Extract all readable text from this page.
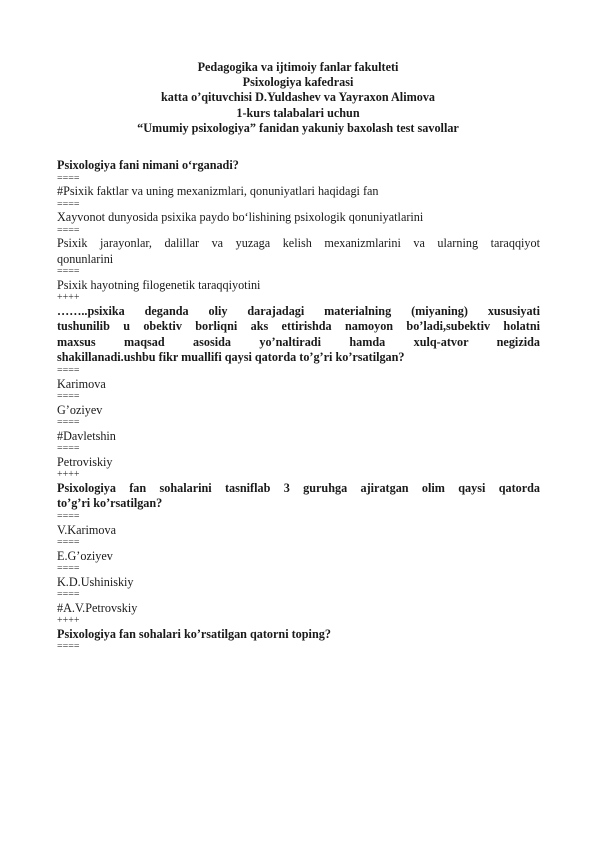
Pedagogika va ijtimoiy fanlar fakulteti
Psixologiya kafedrasi
katta o’qituvchisi D.Yuldashev va Yayraxon Alimova
1-kurs talabalari uchun
“Umumiy psixologiya” fanidan yakuniy baxolash test savollar
Psixologiya fani nimani o‘rganadi?
====
#Psixik faktlar va uning mexanizmlari, qonuniyatlari haqidagi fan
====
Xayvonot dunyosida psixika paydo bo‘lishining psixologik qonuniyatlarini
====
Psixik jarayonlar, dalillar va yuzaga kelish mexanizmlarini va ularning taraqqiyot
qonunlarini
====
Psixik hayotning filogenetik taraqqiyotini
++++
……..psixika deganda oliy darajadagi materialning (miyaning) xususiyati
tushunilib u obektiv borliqni aks ettirishda namoyon bo’ladi,subektiv holatni
maxsus maqsad asosida yo’naltiradi hamda xulq-atvor negizida
shakillanadi.ushbu fikr muallifi qaysi qatorda to’g’ri ko’rsatilgan?
====
Karimova
====
G’oziyev
====
#Davletshin
====
Petroviskiy
++++
Psixologiya fan sohalarini tasniflab 3 guruhga ajiratgan olim qaysi qatorda
to’g’ri ko’rsatilgan?
====
V.Karimova
====
E.G’oziyev
====
K.D.Ushiniskiy
====
#A.V.Petrovskiy
++++
Psixologiya fan sohalari ko’rsatilgan qatorni toping?
====
